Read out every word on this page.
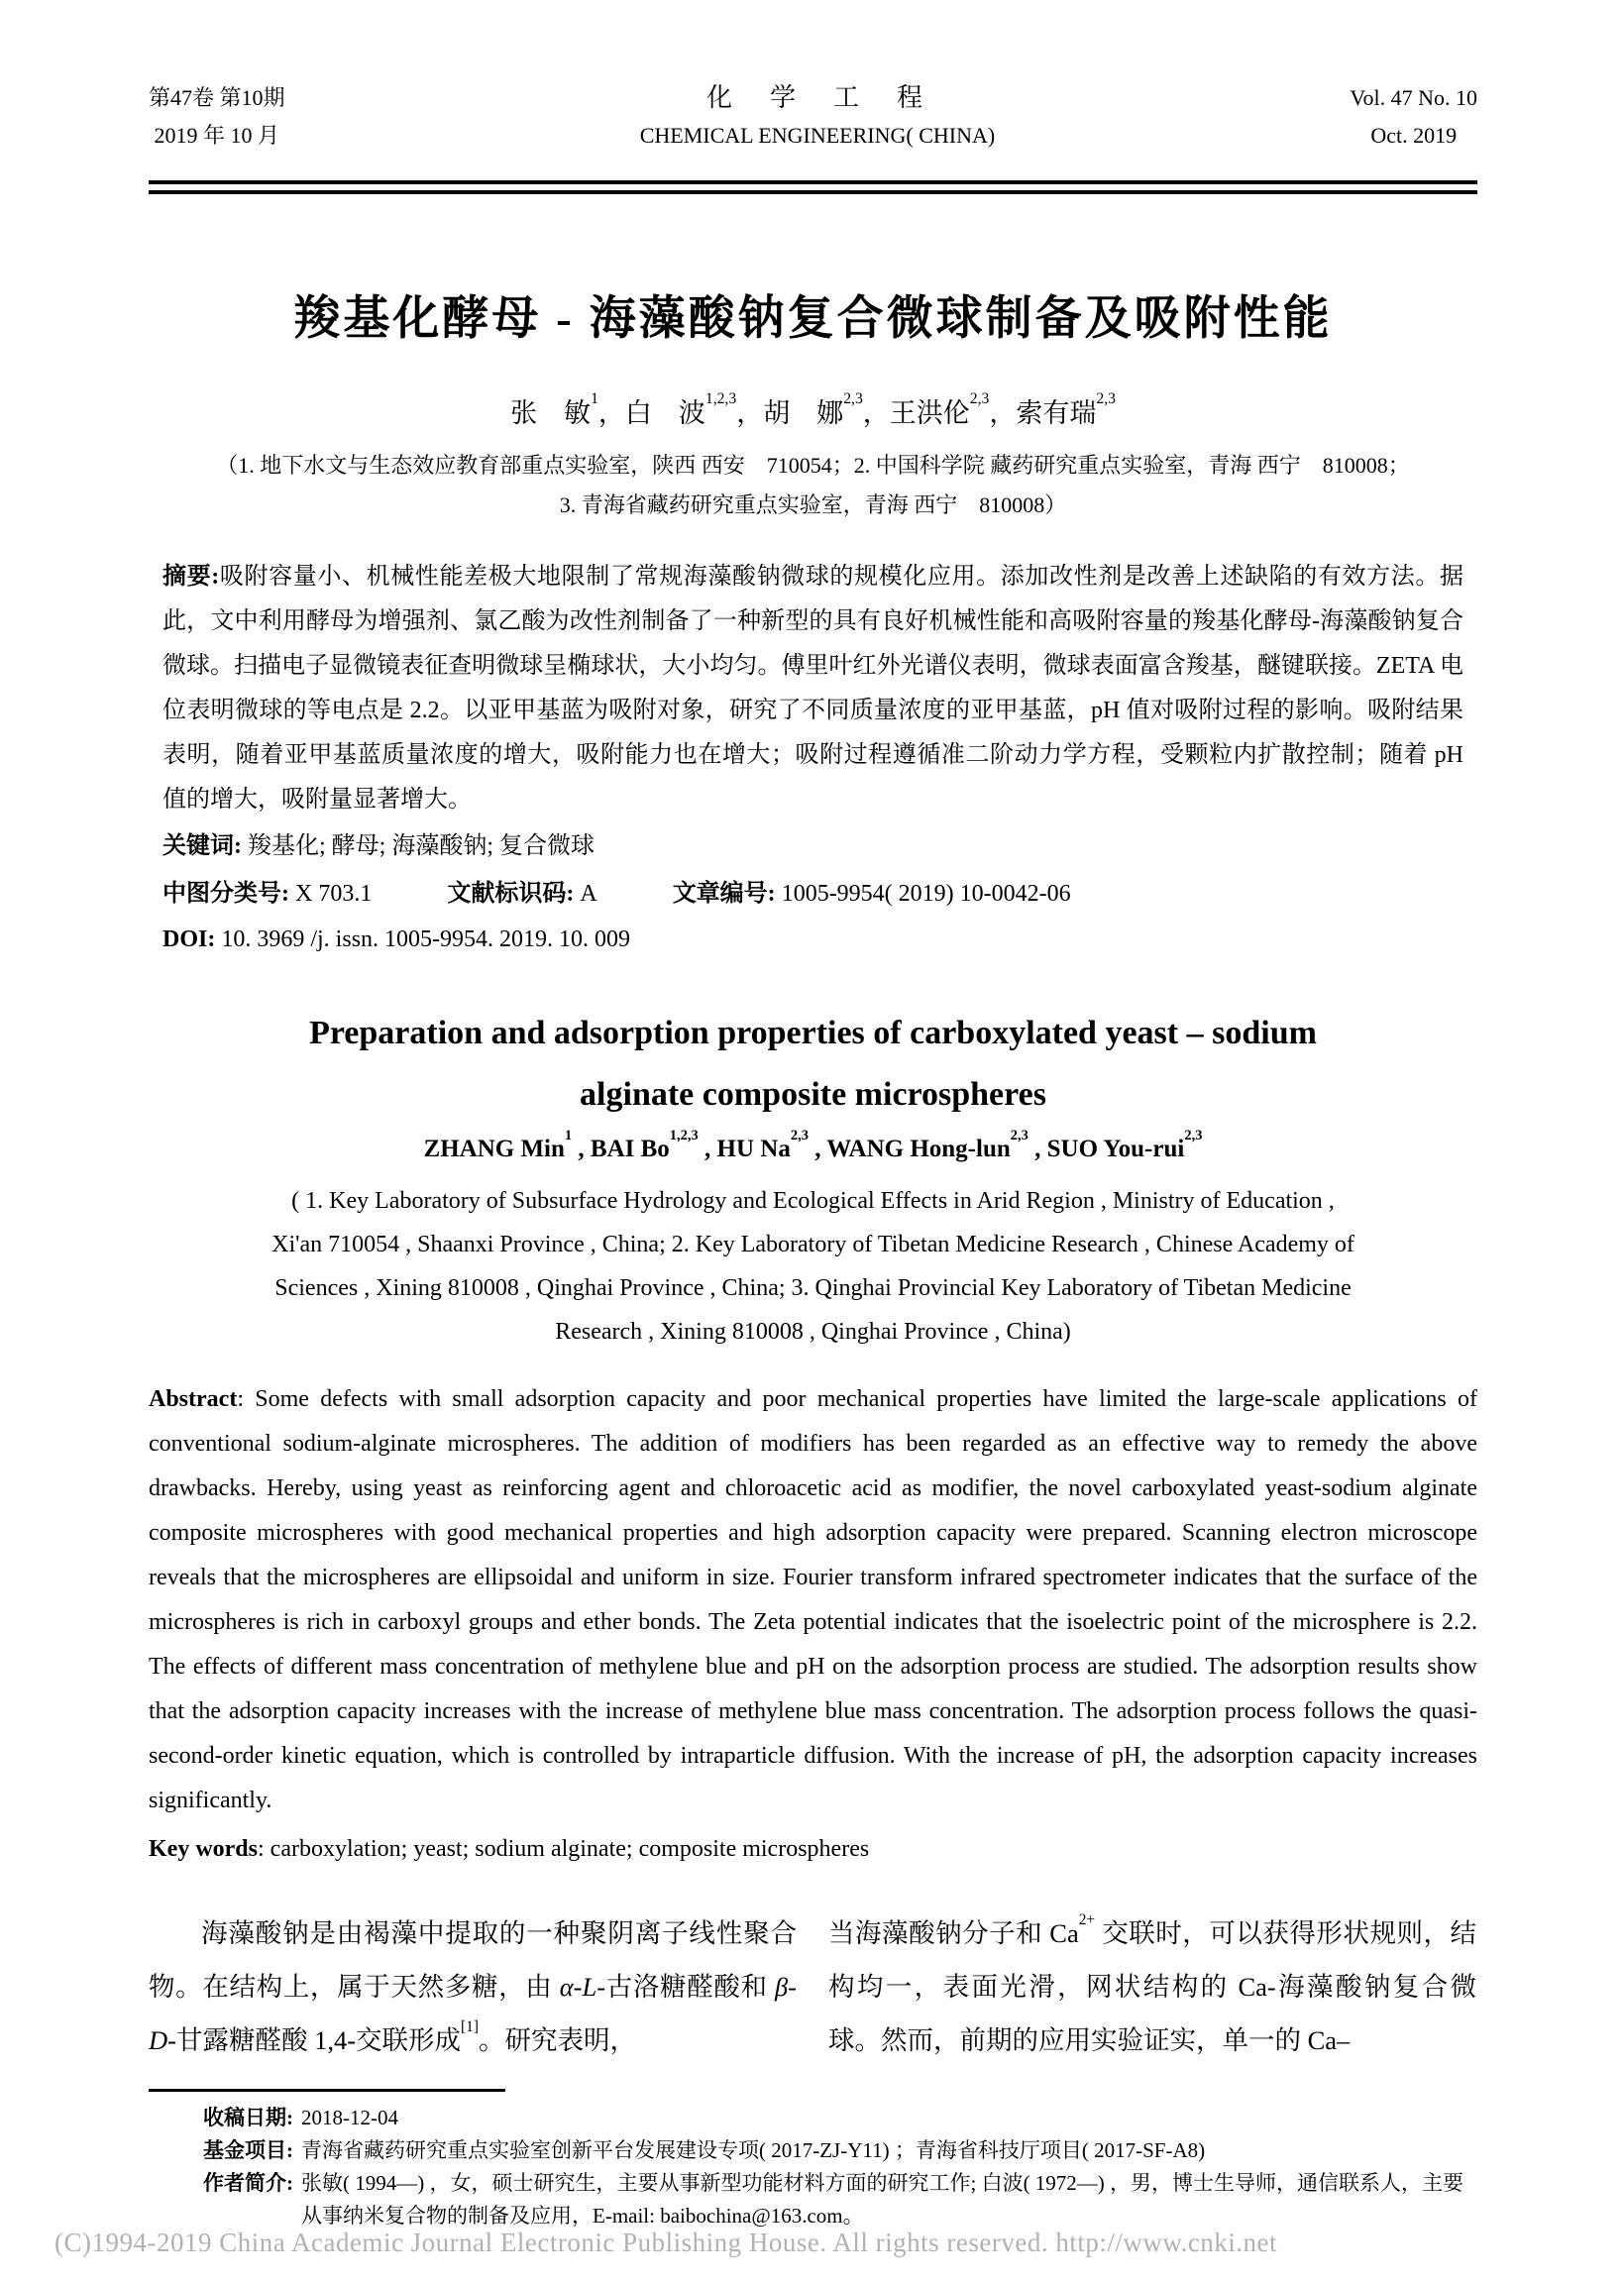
第47卷 第10期
2019 年 10 月
化　学　工　程
CHEMICAL ENGINEERING( CHINA)
Vol. 47 No. 10
Oct. 2019
羧基化酵母 - 海藻酸钠复合微球制备及吸附性能
张　敏$^1$，白　波$^{1,2,3}$，胡　娜$^{2,3}$，王洪伦$^{2,3}$，索有瑞$^{2,3}$
（1. 地下水文与生态效应教育部重点实验室，陕西 西安　710054；2. 中国科学院 藏药研究重点实验室，青海 西宁　810008；
3. 青海省藏药研究重点实验室，青海 西宁　810008）
摘要:吸附容量小、机械性能差极大地限制了常规海藻酸钠微球的规模化应用。添加改性剂是改善上述缺陷的有效方法。据此，文中利用酵母为增强剂、氯乙酸为改性剂制备了一种新型的具有良好机械性能和高吸附容量的羧基化酵母-海藻酸钠复合微球。扫描电子显微镜表征查明微球呈椭球状，大小均匀。傅里叶红外光谱仪表明，微球表面富含羧基，醚键联接。ZETA 电位表明微球的等电点是 2.2。以亚甲基蓝为吸附对象，研究了不同质量浓度的亚甲基蓝，pH 值对吸附过程的影响。吸附结果表明，随着亚甲基蓝质量浓度的增大，吸附能力也在增大；吸附过程遵循准二阶动力学方程，受颗粒内扩散控制；随着 pH 值的增大，吸附量显著增大。
关键词: 羧基化; 酵母; 海藻酸钠; 复合微球
中图分类号: X 703.1	文献标识码: A	文章编号: 1005-9954( 2019) 10-0042-06
DOI: 10. 3969 /j. issn. 1005-9954. 2019. 10. 009
Preparation and adsorption properties of carboxylated yeast – sodium
alginate composite microspheres
ZHANG Min$^1$ , BAI Bo$^{1,2,3}$ , HU Na$^{2,3}$ , WANG Hong-lun$^{2,3}$ , SUO You-rui$^{2,3}$
( 1. Key Laboratory of Subsurface Hydrology and Ecological Effects in Arid Region , Ministry of Education ,
Xi'an 710054 , Shaanxi Province , China; 2. Key Laboratory of Tibetan Medicine Research , Chinese Academy of
Sciences , Xining 810008 , Qinghai Province , China; 3. Qinghai Provincial Key Laboratory of Tibetan Medicine
Research , Xining 810008 , Qinghai Province , China)
Abstract: Some defects with small adsorption capacity and poor mechanical properties have limited the large-scale applications of conventional sodium-alginate microspheres. The addition of modifiers has been regarded as an effective way to remedy the above drawbacks. Hereby, using yeast as reinforcing agent and chloroacetic acid as modifier, the novel carboxylated yeast-sodium alginate composite microspheres with good mechanical properties and high adsorption capacity were prepared. Scanning electron microscope reveals that the microspheres are ellipsoidal and uniform in size. Fourier transform infrared spectrometer indicates that the surface of the microspheres is rich in carboxyl groups and ether bonds. The Zeta potential indicates that the isoelectric point of the microsphere is 2.2. The effects of different mass concentration of methylene blue and pH on the adsorption process are studied. The adsorption results show that the adsorption capacity increases with the increase of methylene blue mass concentration. The adsorption process follows the quasi-second-order kinetic equation, which is controlled by intraparticle diffusion. With the increase of pH, the adsorption capacity increases significantly.
Key words: carboxylation; yeast; sodium alginate; composite microspheres

海藻酸钠是由褐藻中提取的一种聚阴离子线性聚合物。在结构上，属于天然多糖，由 α-L-古洛糖醛酸和 β-D-甘露糖醛酸 1,4-交联形成[1]。研究表明，

当海藻酸钠分子和 $Ca^{2+}$ 交联时，可以获得形状规则，结构均一，表面光滑，网状结构的 Ca-海藻酸钠复合微球。然而，前期的应用实验证实，单一的 Ca–

收稿日期: 2018-12-04
基金项目: 青海省藏药研究重点实验室创新平台发展建设专项( 2017-ZJ-Y11) ；青海省科技厅项目( 2017-SF-A8)
作者简介: 张敏( 1994—) ，女，硕士研究生，主要从事新型功能材料方面的研究工作; 白波( 1972—) ，男，博士生导师，通信联系人，主要从事纳米复合物的制备及应用，E-mail: baibochina@163.com。
(C)1994-2019 China Academic Journal Electronic Publishing House. All rights reserved. http://www.cnki.net
